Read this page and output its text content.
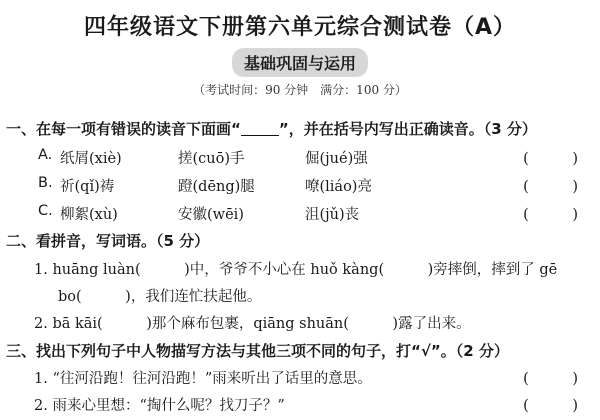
四年级语文下册第六单元综合测试卷（A）
基础巩固与运用
（考试时间：90 分钟　满分：100 分）
一、在每一项有错误的读音下面画“	”，并在括号内写出正确读音。（3 分）
A. 纸屑(xiè)	搓(cuō)手	倔(jué)强	(　　　)
B. 祈(qǐ)祷	蹬(dēng)腿	嘹(liáo)亮	(　　　)
C. 柳絮(xù)	安徽(wēi)	沮(jǔ)丧	(　　　)
二、看拼音，写词语。（5 分）
1. huāng luàn(　　　)中，爷爷不小心在 huǒ kàng(　　　)旁摔倒，摔到了 gē
bo(　　　)，我们连忙扶起他。
2. bā kāi(　　　)那个麻布包裹，qiāng shuān(　　　)露了出来。
三、找出下列句子中人物描写方法与其他三项不同的句子，打“√”。（2 分）
1. “往河沿跑！往河沿跑！”雨来听出了话里的意思。	(　　　)
2. 雨来心里想：“掏什么呢？找刀子？”	(　　　)
